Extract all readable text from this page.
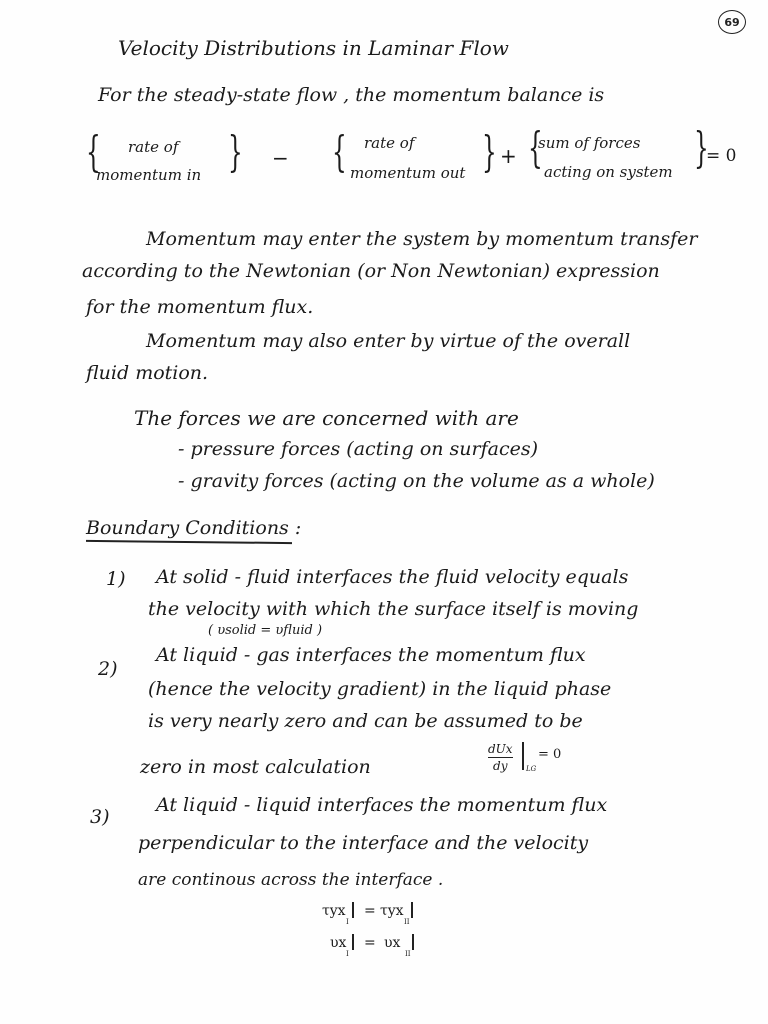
69
Velocity Distributions in Laminar Flow
For the steady-state flow , the momentum balance is
{ rate of
momentum in } − { rate of
momentum out } + {
sum of forces
acting on system }
= 0
Momentum may enter the system by momentum transfer
according to the Newtonian (or Non Newtonian) expression
for the momentum flux.
Momentum may also enter by virtue of the overall
fluid motion.
The forces we are concerned with are
- pressure forces (acting on surfaces)
- gravity forces (acting on the volume as a whole)
Boundary Conditions :
1) At solid - fluid interfaces the fluid velocity equals
the velocity with which the surface itself is moving
( υsolid = υfluid )
2)
At liquid - gas interfaces the momentum flux
(hence the velocity gradient) in the liquid phase
is very nearly zero and can be assumed to be
zero in most calculation
dUx
dy	LG
= 0
3)
At liquid - liquid interfaces the momentum flux
perpendicular to the interface and the velocity
are continous across the interface .
τyx
I
= τyx
II
υx
I
= υx
II
